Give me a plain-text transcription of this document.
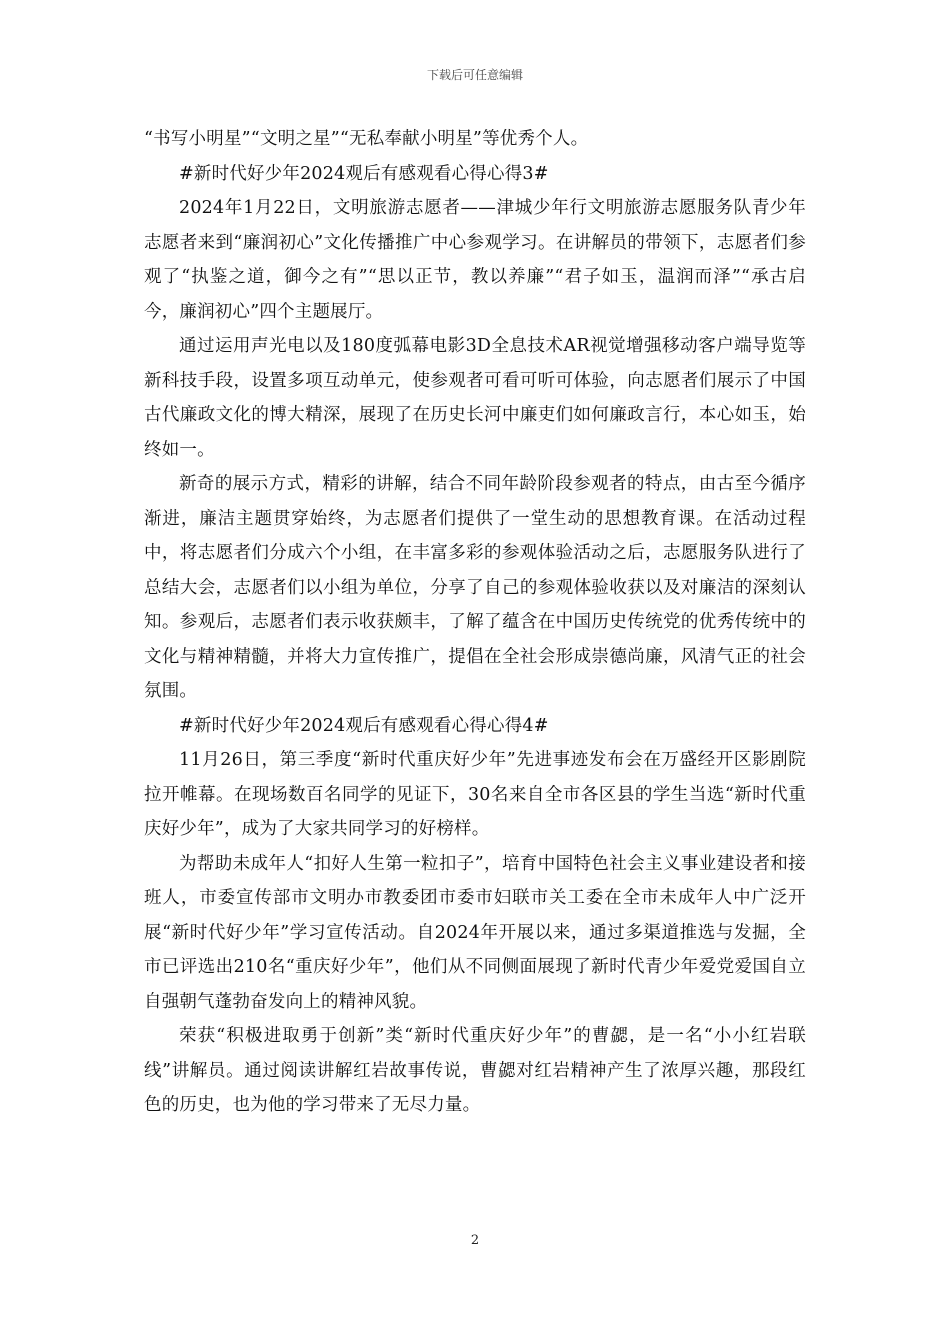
下载后可任意编辑

“书写小明星”“文明之星”“无私奉献小明星”等优秀个人。

#新时代好少年2024观后有感观看心得心得3#

2024年1月22日，文明旅游志愿者——津城少年行文明旅游志愿服务队青少年志愿者来到“廉润初心”文化传播推广中心参观学习。在讲解员的带领下，志愿者们参观了“执鉴之道，御今之有”“思以正节，教以养廉”“君子如玉，温润而泽”“承古启今，廉润初心”四个主题展厅。

通过运用声光电以及180度弧幕电影3D全息技术AR视觉增强移动客户端导览等新科技手段，设置多项互动单元，使参观者可看可听可体验，向志愿者们展示了中国古代廉政文化的博大精深，展现了在历史长河中廉吏们如何廉政言行，本心如玉，始终如一。

新奇的展示方式，精彩的讲解，结合不同年龄阶段参观者的特点，由古至今循序渐进，廉洁主题贯穿始终，为志愿者们提供了一堂生动的思想教育课。在活动过程中，将志愿者们分成六个小组，在丰富多彩的参观体验活动之后，志愿服务队进行了总结大会，志愿者们以小组为单位，分享了自己的参观体验收获以及对廉洁的深刻认知。参观后，志愿者们表示收获颇丰，了解了蕴含在中国历史传统党的优秀传统中的文化与精神精髓，并将大力宣传推广，提倡在全社会形成崇德尚廉，风清气正的社会氛围。

#新时代好少年2024观后有感观看心得心得4#

11月26日，第三季度“新时代重庆好少年”先进事迹发布会在万盛经开区影剧院拉开帷幕。在现场数百名同学的见证下，30名来自全市各区县的学生当选“新时代重庆好少年”，成为了大家共同学习的好榜样。

为帮助未成年人“扣好人生第一粒扣子”，培育中国特色社会主义事业建设者和接班人，市委宣传部市文明办市教委团市委市妇联市关工委在全市未成年人中广泛开展“新时代好少年”学习宣传活动。自2024年开展以来，通过多渠道推选与发掘，全市已评选出210名“重庆好少年”，他们从不同侧面展现了新时代青少年爱党爱国自立自强朝气蓬勃奋发向上的精神风貌。

荣获“积极进取勇于创新”类“新时代重庆好少年”的曹勰，是一名“小小红岩联线”讲解员。通过阅读讲解红岩故事传说，曹勰对红岩精神产生了浓厚兴趣，那段红色的历史，也为他的学习带来了无尽力量。

2
